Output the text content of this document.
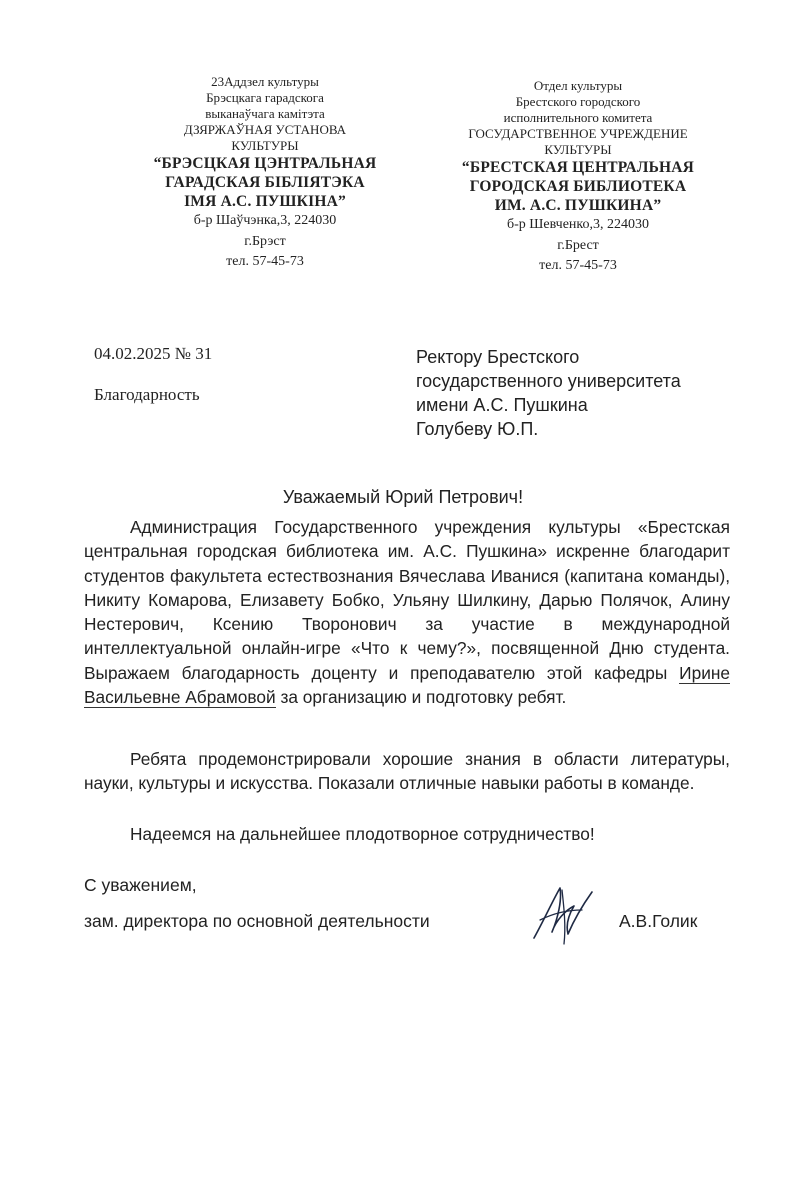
23Аддзел культуры
Брэсцкага гарадскога
выканаўчага камітэта
ДЗЯРЖАЎНАЯ УСТАНОВА
КУЛЬТУРЫ
“БРЭСЦКАЯ ЦЭНТРАЛЬНАЯ
ГАРАДСКАЯ БІБЛІЯТЭКА
ІМЯ А.С. ПУШКІНА”
б-р Шаўчэнка,3, 224030
г.Брэст
тел. 57-45-73
Отдел культуры
Брестского городского
исполнительного комитета
ГОСУДАРСТВЕННОЕ УЧРЕЖДЕНИЕ
КУЛЬТУРЫ
“БРЕСТСКАЯ ЦЕНТРАЛЬНАЯ
ГОРОДСКАЯ БИБЛИОТЕКА
ИМ. А.С. ПУШКИНА”
б-р Шевченко,3, 224030
г.Брест
тел. 57-45-73
04.02.2025 № 31
Благодарность
Ректору Брестского
государственного университета
имени А.С. Пушкина
Голубеву Ю.П.
Уважаемый Юрий Петрович!

Администрация Государственного учреждения культуры «Брестская центральная городская библиотека им. А.С. Пушкина» искренне благодарит студентов факультета естествознания Вячеслава Иванися (капитана команды), Никиту Комарова, Елизавету Бобко, Ульяну Шилкину, Дарью Полячок, Алину Нестерович, Ксению Творонович за участие в международной интеллектуальной онлайн-игре «Что к чему?», посвященной Дню студента. Выражаем благодарность доценту и преподавателю этой кафедры Ирине Васильевне Абрамовой за организацию и подготовку ребят.

Ребята продемонстрировали хорошие знания в области литературы, науки, культуры и искусства. Показали отличные навыки работы в команде.

Надеемся на дальнейшее плодотворное сотрудничество!

С уважением,
зам. директора по основной деятельности	А.В.Голик
